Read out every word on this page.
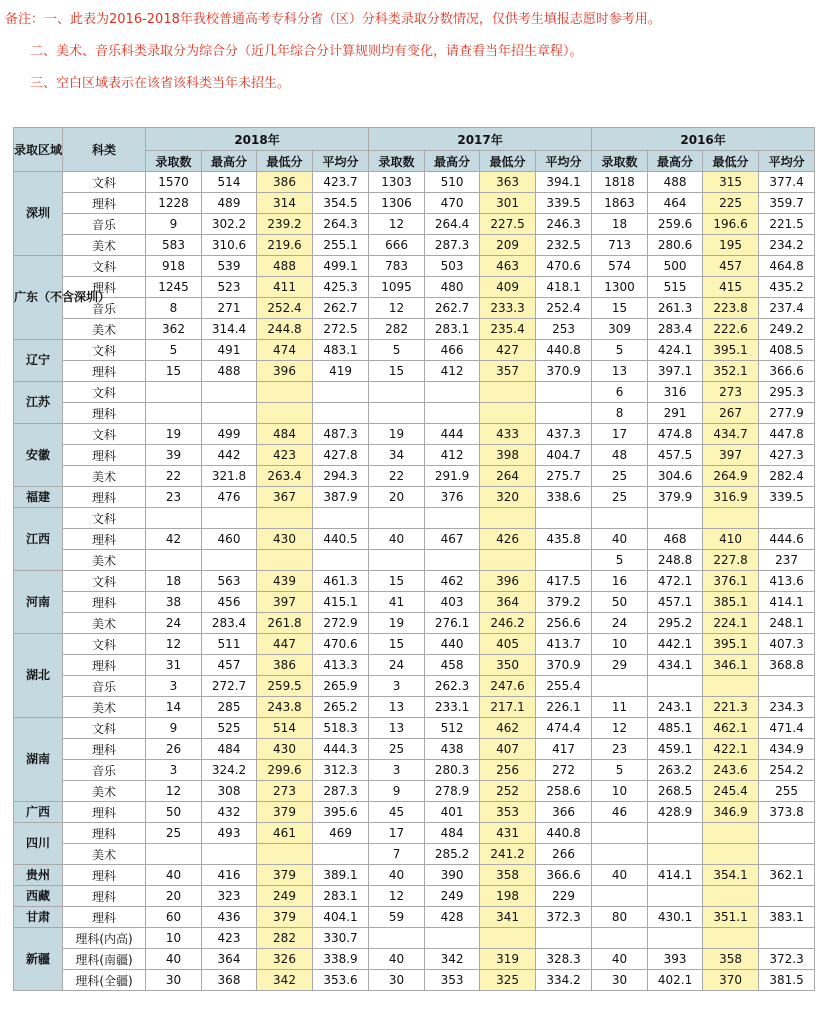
备注：一、此表为2016-2018年我校普通高考专科分省（区）分科类录取分数情况，仅供考生填报志愿时参考用。
二、美术、音乐科类录取分为综合分（近几年综合分计算规则均有变化，请查看当年招生章程）。
三、空白区域表示在该省该科类当年未招生。
录取区域	科类	2018年				2017年				2016年			
		录取数	最高分	最低分	平均分	录取数	最高分	最低分	平均分	录取数	最高分	最低分	平均分
深圳	文科	1570	514	386	423.7	1303	510	363	394.1	1818	488	315	377.4
	理科	1228	489	314	354.5	1306	470	301	339.5	1863	464	225	359.7
	音乐	9	302.2	239.2	264.3	12	264.4	227.5	246.3	18	259.6	196.6	221.5
	美术	583	310.6	219.6	255.1	666	287.3	209	232.5	713	280.6	195	234.2
广东（不含深圳）	文科	918	539	488	499.1	783	503	463	470.6	574	500	457	464.8
	理科	1245	523	411	425.3	1095	480	409	418.1	1300	515	415	435.2
	音乐	8	271	252.4	262.7	12	262.7	233.3	252.4	15	261.3	223.8	237.4
	美术	362	314.4	244.8	272.5	282	283.1	235.4	253	309	283.4	222.6	249.2
辽宁	文科	5	491	474	483.1	5	466	427	440.8	5	424.1	395.1	408.5
	理科	15	488	396	419	15	412	357	370.9	13	397.1	352.1	366.6
江苏	文科									6	316	273	295.3
	理科									8	291	267	277.9
安徽	文科	19	499	484	487.3	19	444	433	437.3	17	474.8	434.7	447.8
	理科	39	442	423	427.8	34	412	398	404.7	48	457.5	397	427.3
	美术	22	321.8	263.4	294.3	22	291.9	264	275.7	25	304.6	264.9	282.4
福建	理科	23	476	367	387.9	20	376	320	338.6	25	379.9	316.9	339.5
江西	文科												
	理科	42	460	430	440.5	40	467	426	435.8	40	468	410	444.6
	美术									5	248.8	227.8	237
河南	文科	18	563	439	461.3	15	462	396	417.5	16	472.1	376.1	413.6
	理科	38	456	397	415.1	41	403	364	379.2	50	457.1	385.1	414.1
	美术	24	283.4	261.8	272.9	19	276.1	246.2	256.6	24	295.2	224.1	248.1
湖北	文科	12	511	447	470.6	15	440	405	413.7	10	442.1	395.1	407.3
	理科	31	457	386	413.3	24	458	350	370.9	29	434.1	346.1	368.8
	音乐	3	272.7	259.5	265.9	3	262.3	247.6	255.4				
	美术	14	285	243.8	265.2	13	233.1	217.1	226.1	11	243.1	221.3	234.3
湖南	文科	9	525	514	518.3	13	512	462	474.4	12	485.1	462.1	471.4
	理科	26	484	430	444.3	25	438	407	417	23	459.1	422.1	434.9
	音乐	3	324.2	299.6	312.3	3	280.3	256	272	5	263.2	243.6	254.2
	美术	12	308	273	287.3	9	278.9	252	258.6	10	268.5	245.4	255
广西	理科	50	432	379	395.6	45	401	353	366	46	428.9	346.9	373.8
四川	理科	25	493	461	469	17	484	431	440.8				
	美术					7	285.2	241.2	266				
贵州	理科	40	416	379	389.1	40	390	358	366.6	40	414.1	354.1	362.1
西藏	理科	20	323	249	283.1	12	249	198	229				
甘肃	理科	60	436	379	404.1	59	428	341	372.3	80	430.1	351.1	383.1
新疆	理科(内高)	10	423	282	330.7								
	理科(南疆)	40	364	326	338.9	40	342	319	328.3	40	393	358	372.3
	理科(全疆)	30	368	342	353.6	30	353	325	334.2	30	402.1	370	381.5
